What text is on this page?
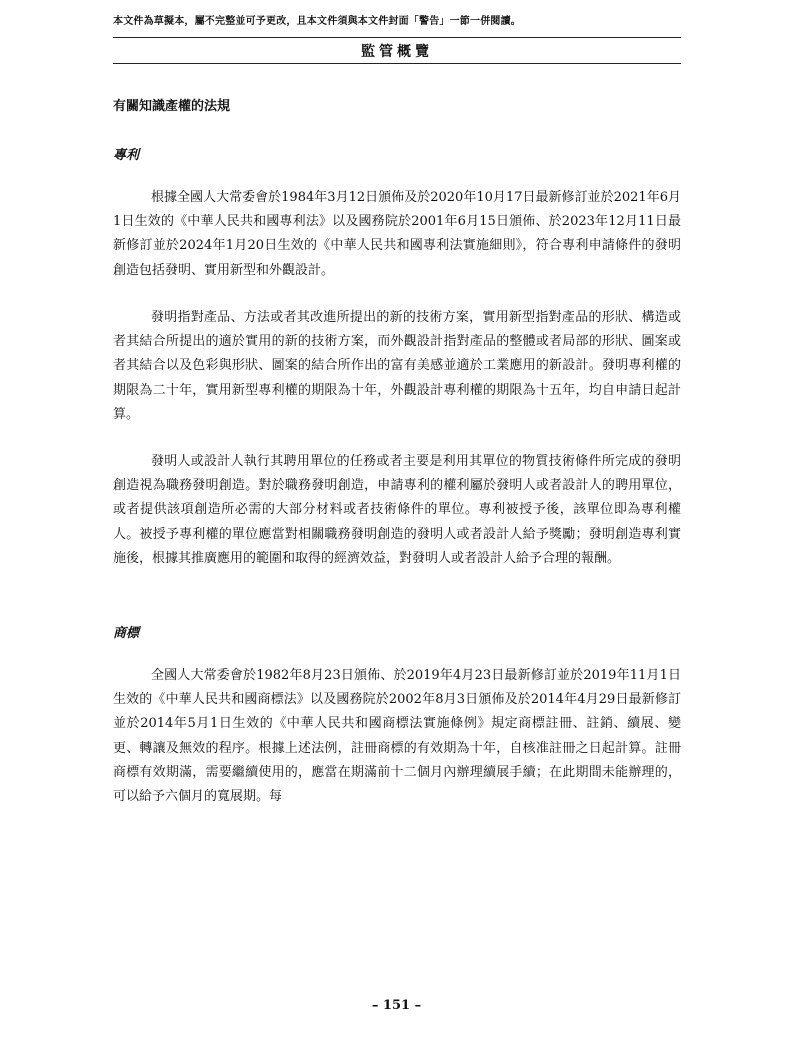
本文件為草擬本，屬不完整並可予更改，且本文件須與本文件封面「警告」一節一併閱讀。
監管概覽
有關知識產權的法規
專利

根據全國人大常委會於1984年3月12日頒佈及於2020年10月17日最新修訂並於2021年6月1日生效的《中華人民共和國專利法》以及國務院於2001年6月15日頒佈、於2023年12月11日最新修訂並於2024年1月20日生效的《中華人民共和國專利法實施細則》，符合專利申請條件的發明創造包括發明、實用新型和外觀設計。

發明指對產品、方法或者其改進所提出的新的技術方案，實用新型指對產品的形狀、構造或者其結合所提出的適於實用的新的技術方案，而外觀設計指對產品的整體或者局部的形狀、圖案或者其結合以及色彩與形狀、圖案的結合所作出的富有美感並適於工業應用的新設計。發明專利權的期限為二十年，實用新型專利權的期限為十年，外觀設計專利權的期限為十五年，均自申請日起計算。

發明人或設計人執行其聘用單位的任務或者主要是利用其單位的物質技術條件所完成的發明創造視為職務發明創造。對於職務發明創造，申請專利的權利屬於發明人或者設計人的聘用單位，或者提供該項創造所必需的大部分材料或者技術條件的單位。專利被授予後，該單位即為專利權人。被授予專利權的單位應當對相關職務發明創造的發明人或者設計人給予獎勵；發明創造專利實施後，根據其推廣應用的範圍和取得的經濟效益，對發明人或者設計人給予合理的報酬。

商標

全國人大常委會於1982年8月23日頒佈、於2019年4月23日最新修訂並於2019年11月1日生效的《中華人民共和國商標法》以及國務院於2002年8月3日頒佈及於2014年4月29日最新修訂並於2014年5月1日生效的《中華人民共和國商標法實施條例》規定商標註冊、註銷、續展、變更、轉讓及無效的程序。根據上述法例，註冊商標的有效期為十年，自核准註冊之日起計算。註冊商標有效期滿，需要繼續使用的，應當在期滿前十二個月內辦理續展手續；在此期間未能辦理的，可以給予六個月的寬展期。每

– 151 –
